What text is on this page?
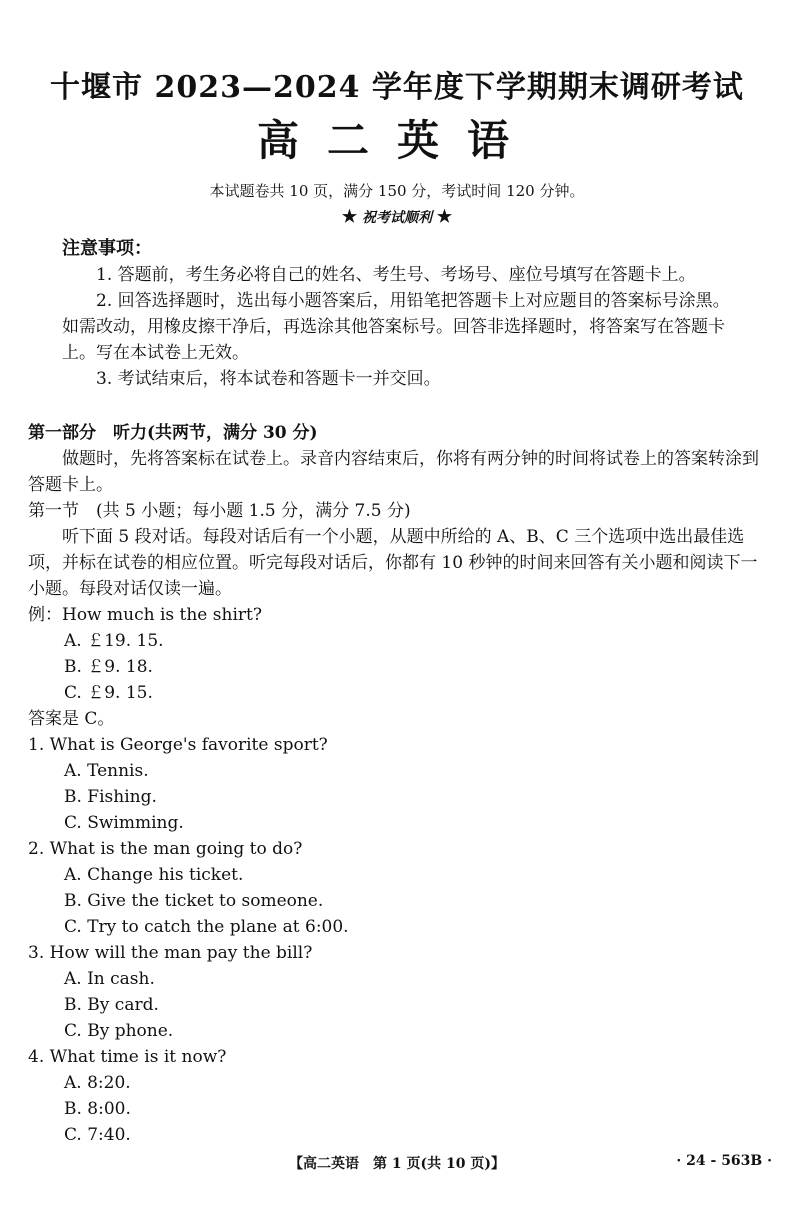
十堰市 2023—2024 学年度下学期期末调研考试
高二英语
本试题卷共 10 页，满分 150 分，考试时间 120 分钟。
★ 祝考试顺利 ★
注意事项：

1. 答题前，考生务必将自己的姓名、考生号、考场号、座位号填写在答题卡上。

2. 回答选择题时，选出每小题答案后，用铅笔把答题卡上对应题目的答案标号涂黑。如需改动，用橡皮擦干净后，再选涂其他答案标号。回答非选择题时，将答案写在答题卡上。写在本试卷上无效。

3. 考试结束后，将本试卷和答题卡一并交回。

第一部分　听力(共两节，满分 30 分)

做题时，先将答案标在试卷上。录音内容结束后，你将有两分钟的时间将试卷上的答案转涂到答题卡上。

第一节　(共 5 小题；每小题 1.5 分，满分 7.5 分)

听下面 5 段对话。每段对话后有一个小题，从题中所给的 A、B、C 三个选项中选出最佳选项，并标在试卷的相应位置。听完每段对话后，你都有 10 秒钟的时间来回答有关小题和阅读下一小题。每段对话仅读一遍。

例：How much is the shirt?

A. ￡19. 15.

B. ￡9. 18.

C. ￡9. 15.

答案是 C。

1. What is George's favorite sport?

A. Tennis.

B. Fishing.

C. Swimming.

2. What is the man going to do?

A. Change his ticket.

B. Give the ticket to someone.

C. Try to catch the plane at 6:00.

3. How will the man pay the bill?

A. In cash.

B. By card.

C. By phone.

4. What time is it now?

A. 8:20.

B. 8:00.

C. 7:40.

【高二英语　第 1 页(共 10 页)】	· 24 - 563B ·
